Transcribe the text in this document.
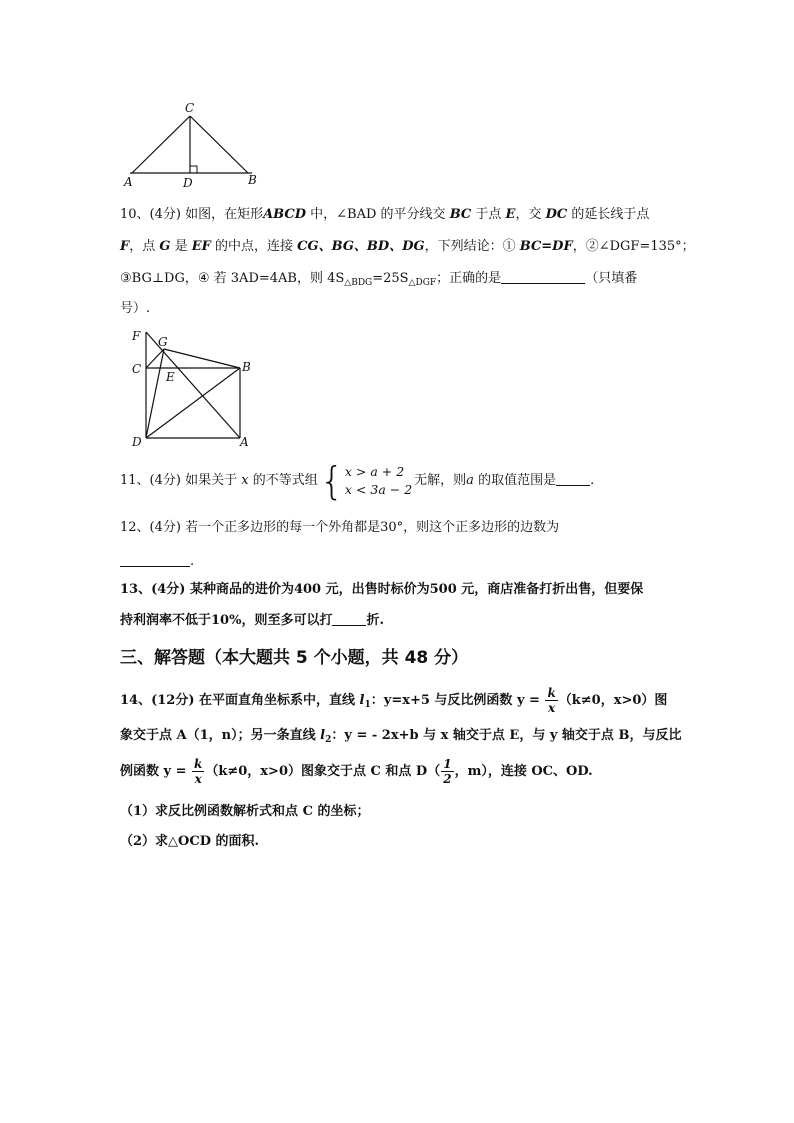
C
A	D	B
10、(4分) 如图，在矩形ABCD 中，∠BAD 的平分线交 BC 于点 E，交 DC 的延长线于点
F，点 G 是 EF 的中点，连接 CG、BG、BD、DG，下列结论：① BC=DF，②∠DGF=135°；
③BG⊥DG，④ 若 3AD=4AB，则 $4S_{\triangle BDG}=25S_{\triangle DGF}$；正确的是	（只填番
号）.
F G
C
E
B
D	A
11、(4分) 如果关于 x 的不等式组 { x > a + 2
x < 3a − 2
无解，则a 的取值范围是	.
12、(4分) 若一个正多边形的每一个外角都是30°，则这个正多边形的边数为
.
13、(4分) 某种商品的进价为400 元，出售时标价为500 元，商店准备打折出售，但要保
持利润率不低于10%，则至多可以打	折.
三、解答题（本大题共 5 个小题，共 48 分）
14、(12分) 在平面直角坐标系中，直线 $l_1$：y=x+5 与反比例函数 $y = \frac{k}{x} (k\ne 0$，x>0）图
象交于点 A（1，n）；另一条直线 $l_2$：y = - 2x+b 与 x 轴交于点 E，与 y 轴交于点 B，与反比
例函数 $y = \frac{k}{x} (k\ne 0$，x>0）图象交于点 C 和点 $D( \frac{1}{2}$ ，m），连接 OC、OD.
（1）求反比例函数解析式和点 C 的坐标；
（2）求△OCD 的面积.
